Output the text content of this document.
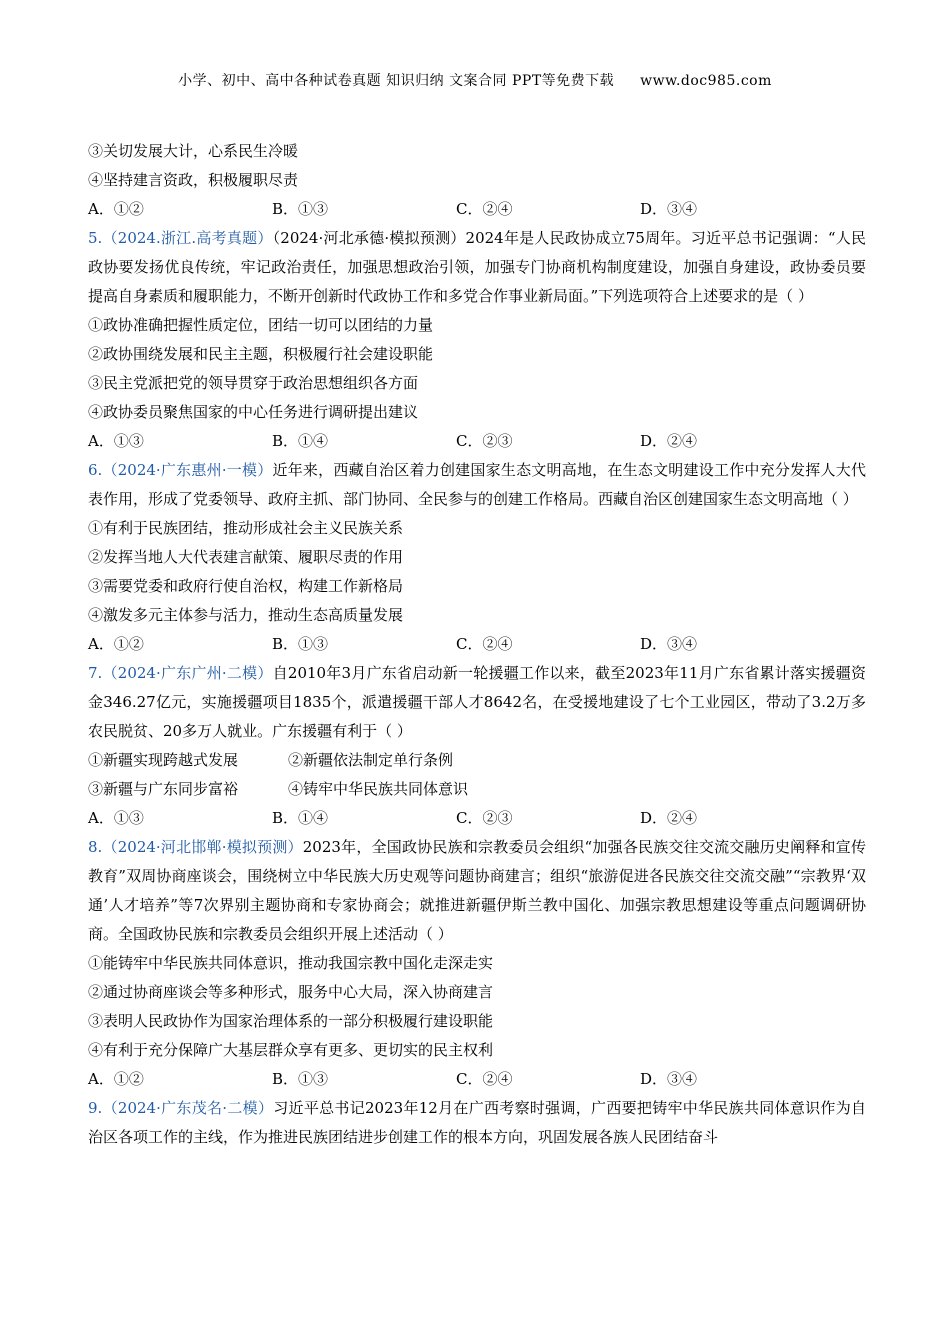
小学、初中、高中各种试卷真题 知识归纳 文案合同 PPT等免费下载 www.doc985.com

③关切发展大计，心系民生冷暖

④坚持建言资政，积极履职尽责

A．①②	B．①③	C．②④	D．③④

5.（2024.浙江.高考真题）（2024·河北承德·模拟预测）2024年是人民政协成立75周年。习近平总书记强调：“人民政协要发扬优良传统，牢记政治责任，加强思想政治引领，加强专门协商机构制度建设，加强自身建设，政协委员要提高自身素质和履职能力，不断开创新时代政协工作和多党合作事业新局面。”下列选项符合上述要求的是（ ）

①政协准确把握性质定位，团结一切可以团结的力量

②政协围绕发展和民主主题，积极履行社会建设职能

③民主党派把党的领导贯穿于政治思想组织各方面

④政协委员聚焦国家的中心任务进行调研提出建议

A．①③	B．①④	C．②③	D．②④

6.（2024·广东惠州·一模）近年来，西藏自治区着力创建国家生态文明高地，在生态文明建设工作中充分发挥人大代表作用，形成了党委领导、政府主抓、部门协同、全民参与的创建工作格局。西藏自治区创建国家生态文明高地（ ）

①有利于民族团结，推动形成社会主义民族关系

②发挥当地人大代表建言献策、履职尽责的作用

③需要党委和政府行使自治权，构建工作新格局

④激发多元主体参与活力，推动生态高质量发展

A．①②	B．①③	C．②④	D．③④

7.（2024·广东广州·二模）自2010年3月广东省启动新一轮援疆工作以来，截至2023年11月广东省累计落实援疆资金346.27亿元，实施援疆项目1835个，派遣援疆干部人才8642名，在受援地建设了七个工业园区，带动了3.2万多农民脱贫、20多万人就业。广东援疆有利于（ ）

①新疆实现跨越式发展	②新疆依法制定单行条例

③新疆与广东同步富裕	④铸牢中华民族共同体意识

A．①③	B．①④	C．②③	D．②④

8.（2024·河北邯郸·模拟预测）2023年，全国政协民族和宗教委员会组织“加强各民族交往交流交融历史阐释和宣传教育”双周协商座谈会，围绕树立中华民族大历史观等问题协商建言；组织“旅游促进各民族交往交流交融”“宗教界‘双通’人才培养”等7次界别主题协商和专家协商会；就推进新疆伊斯兰教中国化、加强宗教思想建设等重点问题调研协商。全国政协民族和宗教委员会组织开展上述活动（ ）

①能铸牢中华民族共同体意识，推动我国宗教中国化走深走实

②通过协商座谈会等多种形式，服务中心大局，深入协商建言

③表明人民政协作为国家治理体系的一部分积极履行建设职能

④有利于充分保障广大基层群众享有更多、更切实的民主权利

A．①②	B．①③	C．②④	D．③④

9.（2024·广东茂名·二模）习近平总书记2023年12月在广西考察时强调，广西要把铸牢中华民族共同体意识作为自治区各项工作的主线，作为推进民族团结进步创建工作的根本方向，巩固发展各族人民团结奋斗
